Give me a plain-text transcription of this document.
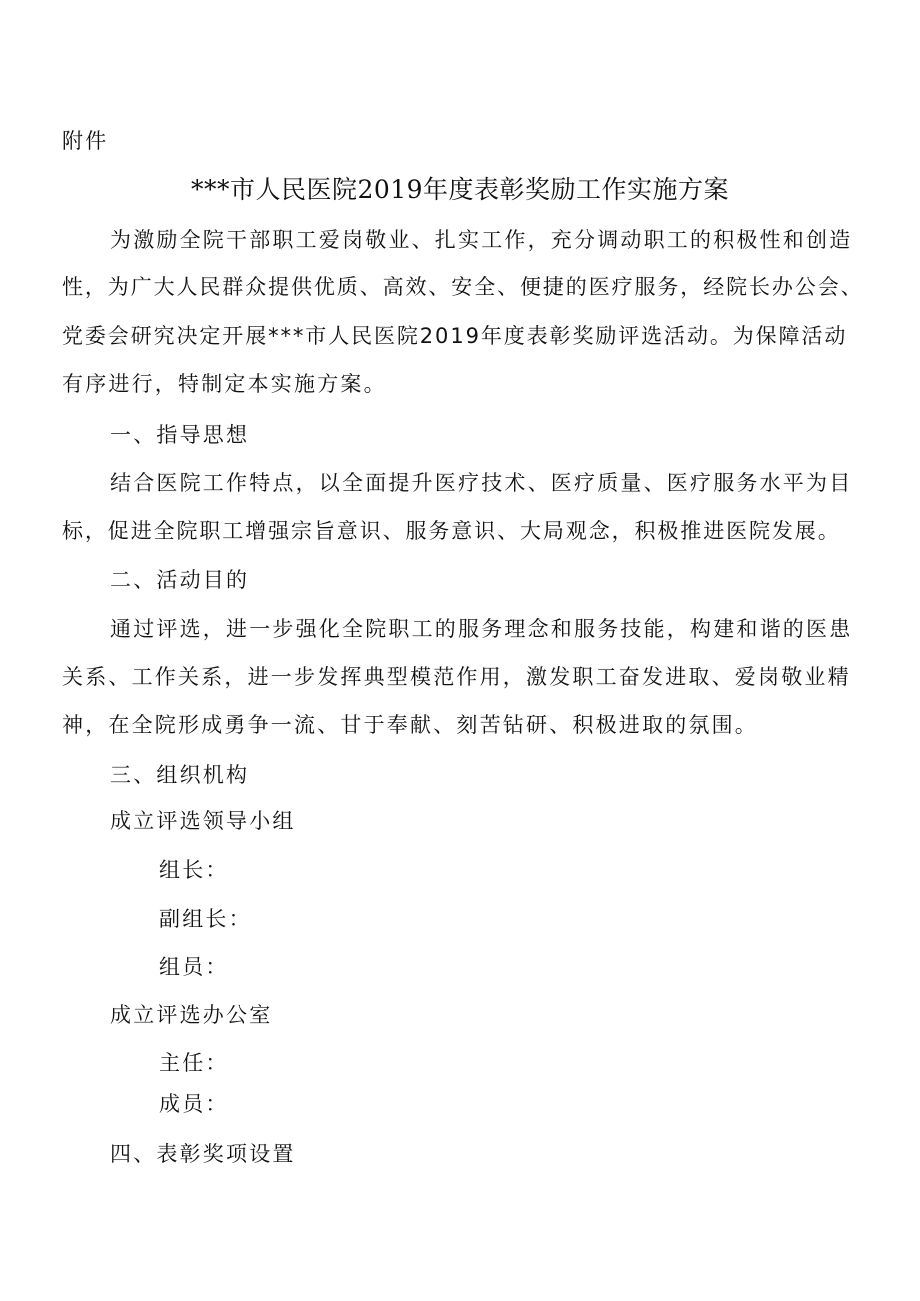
附件
***市人民医院2019年度表彰奖励工作实施方案
为激励全院干部职工爱岗敬业、扎实工作，充分调动职工的积极性和创造
性，为广大人民群众提供优质、高效、安全、便捷的医疗服务，经院长办公会、
党委会研究决定开展***市人民医院2019年度表彰奖励评选活动。为保障活动
有序进行，特制定本实施方案。
一、指导思想
结合医院工作特点，以全面提升医疗技术、医疗质量、医疗服务水平为目
标，促进全院职工增强宗旨意识、服务意识、大局观念，积极推进医院发展。
二、活动目的
通过评选，进一步强化全院职工的服务理念和服务技能，构建和谐的医患
关系、工作关系，进一步发挥典型模范作用，激发职工奋发进取、爱岗敬业精
神，在全院形成勇争一流、甘于奉献、刻苦钻研、积极进取的氛围。
三、组织机构
成立评选领导小组
组长：
副组长：
组员：
成立评选办公室
主任：
成员：
四、表彰奖项设置
